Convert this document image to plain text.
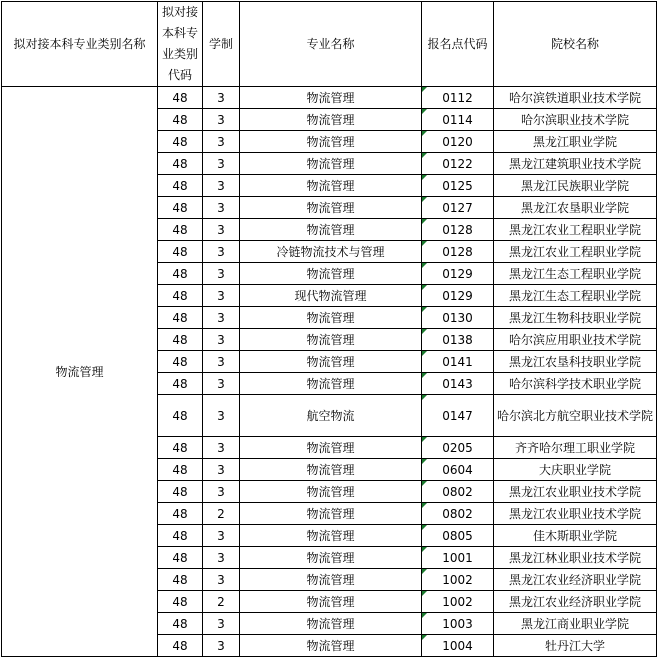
拟对接本科专业类别名称	拟对接本科专业类别代码	学制	专业名称	报名点代码	院校名称
物流管理	48	3	物流管理	0112	哈尔滨铁道职业技术学院
	48	3	物流管理	0114	哈尔滨职业技术学院
	48	3	物流管理	0120	黑龙江职业学院
	48	3	物流管理	0122	黑龙江建筑职业技术学院
	48	3	物流管理	0125	黑龙江民族职业学院
	48	3	物流管理	0127	黑龙江农垦职业学院
	48	3	物流管理	0128	黑龙江农业工程职业学院
	48	3	冷链物流技术与管理	0128	黑龙江农业工程职业学院
	48	3	物流管理	0129	黑龙江生态工程职业学院
	48	3	现代物流管理	0129	黑龙江生态工程职业学院
	48	3	物流管理	0130	黑龙江生物科技职业学院
	48	3	物流管理	0138	哈尔滨应用职业技术学院
	48	3	物流管理	0141	黑龙江农垦科技职业学院
	48	3	物流管理	0143	哈尔滨科学技术职业学院
	48	3	航空物流	0147	哈尔滨北方航空职业技术学院
	48	3	物流管理	0205	齐齐哈尔理工职业学院
	48	3	物流管理	0604	大庆职业学院
	48	3	物流管理	0802	黑龙江农业职业技术学院
	48	2	物流管理	0802	黑龙江农业职业技术学院
	48	3	物流管理	0805	佳木斯职业学院
	48	3	物流管理	1001	黑龙江林业职业技术学院
	48	3	物流管理	1002	黑龙江农业经济职业学院
	48	2	物流管理	1002	黑龙江农业经济职业学院
	48	3	物流管理	1003	黑龙江商业职业学院
	48	3	物流管理	1004	牡丹江大学
